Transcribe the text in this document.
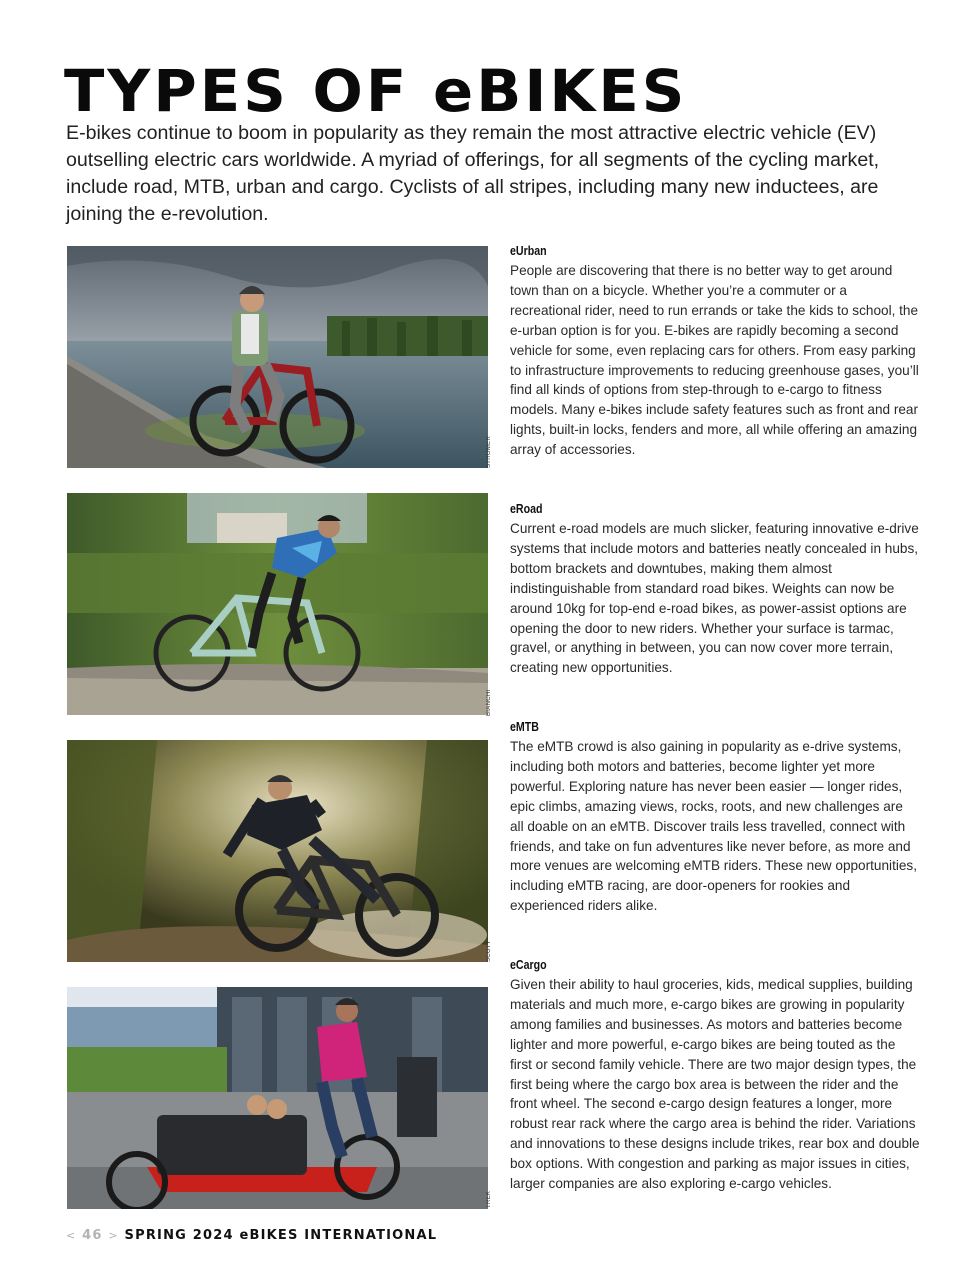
TYPES OF eBIKES

E-bikes continue to boom in popularity as they remain the most attractive electric vehicle (EV) outselling electric cars worldwide. A myriad of offerings, for all segments of the cycling market, include road, MTB, urban and cargo. Cyclists of all stripes, including many new inductees, are joining the e-revolution.

STROMER
eUrban

People are discovering that there is no better way to get around town than on a bicycle. Whether you’re a commuter or a recreational rider, need to run errands or take the kids to school, the e-urban option is for you. E-bikes are rapidly becoming a second vehicle for some, even replacing cars for others. From easy parking to infrastructure improvements to reducing greenhouse gases, you’ll find all kinds of options from step-through to e-cargo to fitness models. Many e-bikes include safety features such as front and rear lights, built-in locks, fenders and more, all while offering an amazing array of accessories.

BIANCHI
eRoad

Current e-road models are much slicker, featuring innovative e-drive systems that include motors and batteries neatly concealed in hubs, bottom brackets and downtubes, making them almost indistinguishable from standard road bikes. Weights can now be around 10kg for top-end e-road bikes, as power-assist options are opening the door to new riders. Whether your surface is tarmac, gravel, or anything in between, you can now cover more terrain, creating new opportunities.

SCOTT
eMTB

The eMTB crowd is also gaining in popularity as e-drive systems, including both motors and batteries, become lighter yet more powerful. Exploring nature has never been easier — longer rides, epic climbs, amazing views, rocks, roots, and new challenges are all doable on an eMTB. Discover trails less travelled, connect with friends, and take on fun adventures like never before, as more and more venues are welcoming eMTB riders. These new opportunities, including eMTB racing, are door-openers for rookies and experienced riders alike.

TREK
eCargo

Given their ability to haul groceries, kids, medical supplies, building materials and much more, e-cargo bikes are growing in popularity among families and businesses. As motors and batteries become lighter and more powerful, e-cargo bikes are being touted as the first or second family vehicle. There are two major design types, the first being where the cargo box area is between the rider and the front wheel. The second e-cargo design features a longer, more robust rear rack where the cargo area is behind the rider. Variations and innovations to these designs include trikes, rear box and double box options. With congestion and parking as major issues in cities, larger companies are also exploring e-cargo vehicles.

< 46 > SPRING 2024 eBIKES INTERNATIONAL
